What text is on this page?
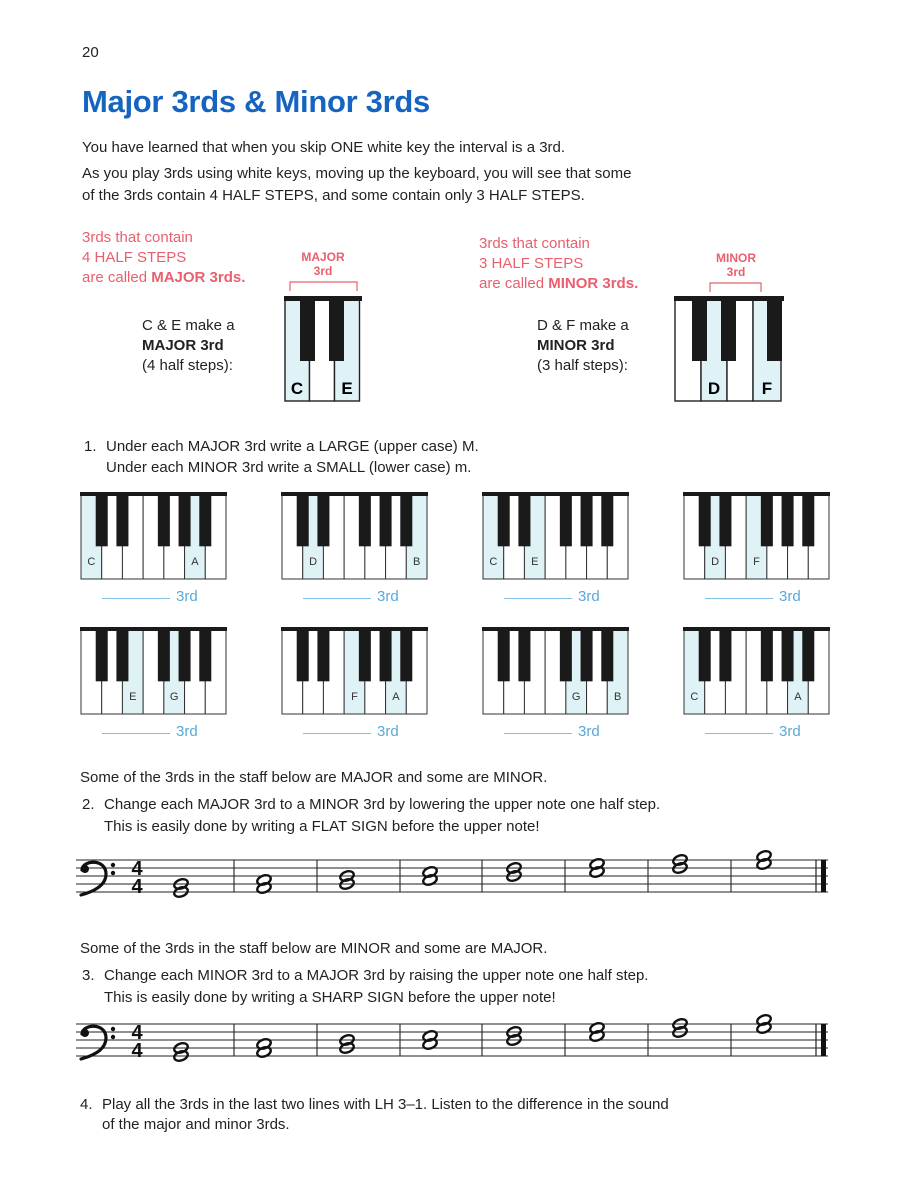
20
Major 3rds & Minor 3rds
You have learned that when you skip ONE white key the interval is a 3rd.
As you play 3rds using white keys, moving up the keyboard, you will see that some
of the 3rds contain 4 HALF STEPS, and some contain only 3 HALF STEPS.
3rds that contain
4 HALF STEPS
are called MAJOR 3rds.
MAJOR
3rd
C & E make a
MAJOR 3rd
(4 half steps):
C E
3rds that contain
3 HALF STEPS
are called MINOR 3rds.
MINOR
3rd
D & F make a
MINOR 3rd
(3 half steps):
D F
1. Under each MAJOR 3rd write a LARGE (upper case) M.
Under each MINOR 3rd write a SMALL (lower case) m.
A
C
3rd
B
D
3rd
C	E
3rd
D	F
3rd
E	G
3rd
F	A
3rd
G	B
3rd
A
C
3rd
Some of the 3rds in the staff below are MAJOR and some are MINOR.
2. Change each MAJOR 3rd to a MINOR 3rd by lowering the upper note one half step.
This is easily done by writing a FLAT SIGN before the upper note!
4
4
Some of the 3rds in the staff below are MINOR and some are MAJOR.
3. Change each MINOR 3rd to a MAJOR 3rd by raising the upper note one half step.
This is easily done by writing a SHARP SIGN before the upper note!
4
4
4. Play all the 3rds in the last two lines with LH 3–1. Listen to the difference in the sound
of the major and minor 3rds.
